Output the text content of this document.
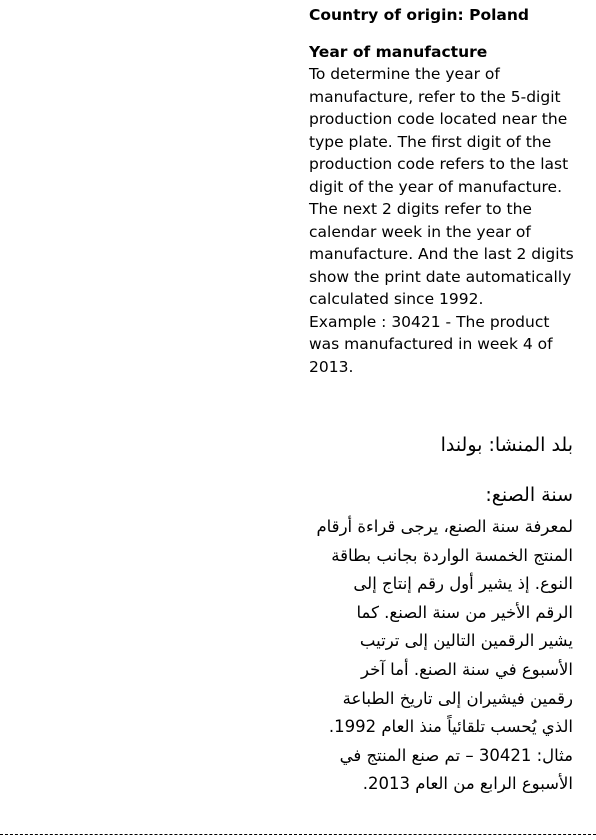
Country of origin: Poland

Year of manufacture

To determine the year of
manufacture, refer to the 5-digit
production code located near the
type plate. The first digit of the
production code refers to the last
digit of the year of manufacture.
The next 2 digits refer to the
calendar week in the year of
manufacture. And the last 2 digits
show the print date automatically
calculated since 1992.
Example : 30421 - The product
was manufactured in week 4 of
2013.

بلد المنشا: بولندا

سنة الصنع:

لمعرفة سنة الصنع، يرجى قراءة أرقام
المنتج الخمسة الواردة بجانب بطاقة
النوع. إذ يشير أول رقم إنتاج إلى
الرقم الأخير من سنة الصنع. كما
يشير الرقمين التالين إلى ترتيب
الأسبوع في سنة الصنع. أما آخر
رقمين فيشيران إلى تاريخ الطباعة
الذي يُحسب تلقائياً منذ العام 1992.
مثال: 30421 – تم صنع المنتج في
الأسبوع الرابع من العام 2013.
